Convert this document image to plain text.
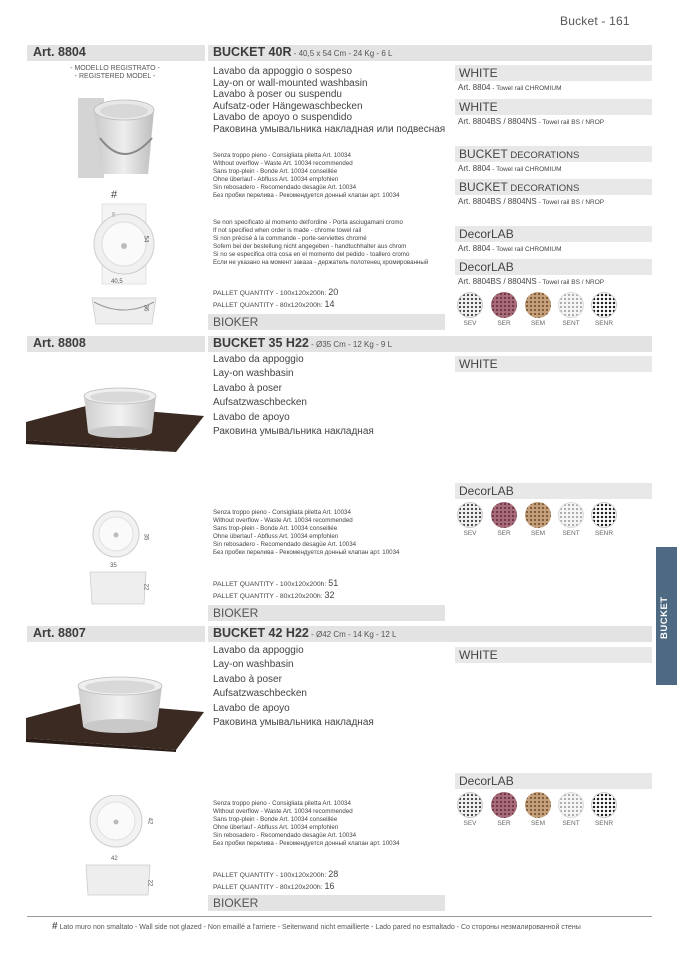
Bucket - 161
Art. 8804	BUCKET 40R - 40,5 x 54 Cm - 24 Kg - 6 L
- MODELLO REGISTRATO -
- REGISTERED MODEL -
#
54
40,5
36
Lavabo da appoggio o sospeso
Lay-on or wall-mounted washbasin
Lavabo à poser ou suspendu
Aufsatz-oder Hängewaschbecken
Lavabo de apoyo o suspendido
Раковина умывальника накладная или подвесная
Senza troppo pieno - Consigliata piletta Art. 10034
Without overflow - Waste Art. 10034 recommended
Sans trop-plein - Bonde Art. 10034 conseillée
Ohne überlauf - Abfluss Art. 10034 empfohlen
Sin rebosadero - Recomendado desagüe Art. 10034
Без пробки перелива - Рекомендуется донный клапан арт. 10034
Se non specificato al momento dell'ordine - Porta asciugamani cromo
If not specified when order is made - chrome towel rail
Si non précisé à la commande - porte-serviettes chromé
Sofern bei der bestellung nicht angegeben - handtuchhalter aus chrom
Si no se especifica otra cosa en el momento del pedido - toallero cromo
Если не указано на момент заказа - держатель полотенец хромированный
PALLET QUANTITY - 100x120x200h: 20
PALLET QUANTITY - 80x120x200h: 14
BIOKER
WHITE
Art. 8804 - Towel rail CHROMIUM
WHITE
Art. 8804BS / 8804NS - Towel rail BS / NROP
BUCKET DECORATIONS
Art. 8804 - Towel rail CHROMIUM
BUCKET DECORATIONS
Art. 8804BS / 8804NS - Towel rail BS / NROP
DecorLAB
Art. 8804 - Towel rail CHROMIUM
DecorLAB
Art. 8804BS / 8804NS - Towel rail BS / NROP
SEV	SER	SEM	SENT	SENR
Art. 8808	BUCKET 35 H22 - Ø35 Cm - 12 Kg - 9 L
Lavabo da appoggio
Lay-on washbasin
Lavabo à poser
Aufsatzwaschbecken
Lavabo de apoyo
Раковина умывальника накладная
35
35
22
Senza troppo pieno - Consigliata piletta Art. 10034
Without overflow - Waste Art. 10034 recommended
Sans trop-plein - Bonde Art. 10034 conseillée
Ohne überlauf - Abfluss Art. 10034 empfohlen
Sin rebosadero - Recomendado desagüe Art. 10034
Без пробки перелива - Рекомендуется донный клапан арт. 10034
PALLET QUANTITY - 100x120x200h: 51
PALLET QUANTITY - 80x120x200h: 32
BIOKER
WHITE
DecorLAB
SEV	SER	SEM	SENT	SENR
BUCKET
Art. 8807	BUCKET 42 H22 - Ø42 Cm - 14 Kg - 12 L
Lavabo da appoggio
Lay-on washbasin
Lavabo à poser
Aufsatzwaschbecken
Lavabo de apoyo
Раковина умывальника накладная
42
42
22
Senza troppo pieno - Consigliata piletta Art. 10034
Without overflow - Waste Art. 10034 recommended
Sans trop-plein - Bonde Art. 10034 conseillée
Ohne überlauf - Abfluss Art. 10034 empfohlen
Sin rebosadero - Recomendado desagüe Art. 10034
Без пробки перелива - Рекомендуется донный клапан арт. 10034
PALLET QUANTITY - 100x120x200h: 28
PALLET QUANTITY - 80x120x200h: 16
BIOKER
WHITE
DecorLAB
SEV	SER	SEM	SENT	SENR
# Lato muro non smaltato - Wall side not glazed - Non emaillé a l'arriere - Seitenwand nicht emaillierte - Lado pared no esmaltado - Со стороны незмалированной стены
